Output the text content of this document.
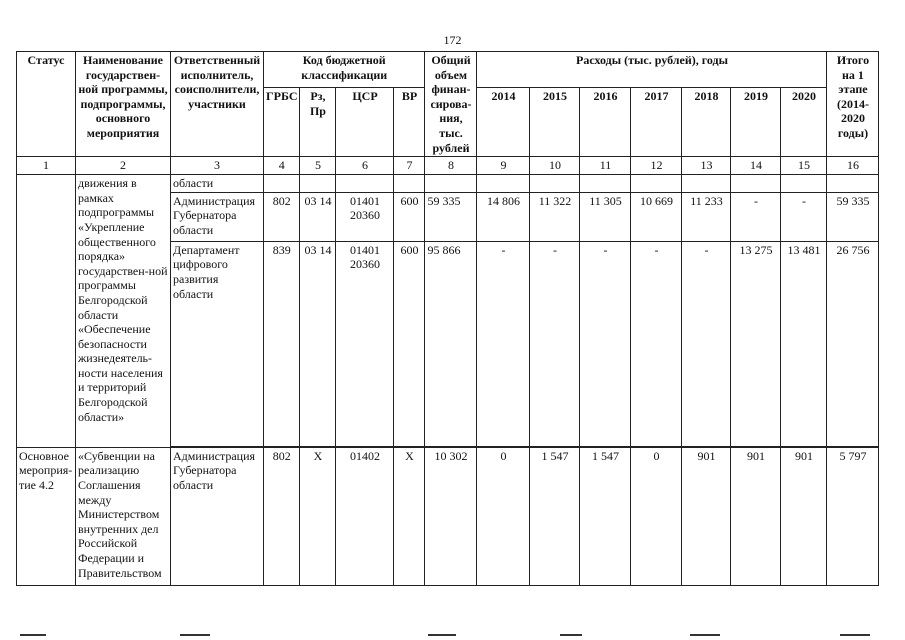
172
Статус	Наименование государствен-ной программы, подпрограммы, основного мероприятия	Ответственный исполнитель, соисполнители, участники	Код бюджетной классификации				Общий объем финан-сирова-ния, тыс. рублей	Расходы (тыс. рублей), годы							Итого на 1 этапе (2014-2020 годы)
			ГРБС	Рз, Пр	ЦСР	ВР		2014	2015	2016	2017	2018	2019	2020	
1	2	3	4	5	6	7	8	9	10	11	12	13	14	15	16
	движения в рамках подпрограммы «Укрепление общественного порядка» государствен-ной программы Белгородской области «Обеспечение безопасности жизнедеятель-ности населения и территорий Белгородской области»	области													
		Администрация Губернатора области	802	03 14	01401 20360	600	59 335	14 806	11 322	11 305	10 669	11 233	-	-	59 335
		Департамент цифрового развития области	839	03 14	01401 20360	600	95 866	-	-	-	-	-	13 275	13 481	26 756

Основное мероприя-тие 4.2	«Субвенции на реализацию Соглашения между Министерством внутренних дел Российской Федерации и Правительством	Администрация Губернатора области	802	X	01402	X	10 302	0	1 547	1 547	0	901	901	901	5 797
